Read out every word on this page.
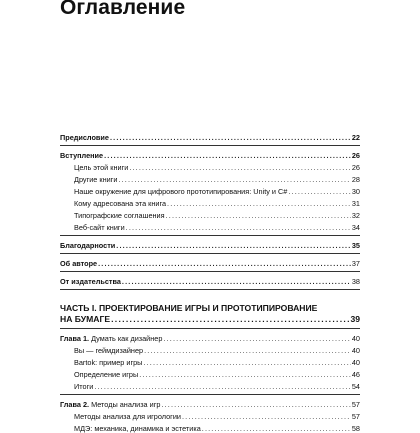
Оглавление
Предисловие .....	22
Вступление .....	26
Цель этой книги .....	26
Другие книги .....	28
Наше окружение для цифрового прототипирования: Unity и C# .....	30
Кому адресована эта книга .....	31
Типографские соглашения .....	32
Веб-сайт книги .....	34
Благодарности .....	35
Об авторе .....	37
От издательства .....	38
ЧАСТЬ I. ПРОЕКТИРОВАНИЕ ИГРЫ И ПРОТОТИПИРОВАНИЕ
НА БУМАГЕ .....	39
Глава 1. Думать как дизайнер .....	40
Вы — геймдизайнер .....	40
Bartok: пример игры .....	40
Определение игры .....	46
Итоги .....	54
Глава 2. Методы анализа игр .....	57
Методы анализа для игрологии .....	57
МДЭ: механика, динамика и эстетика .....	58
